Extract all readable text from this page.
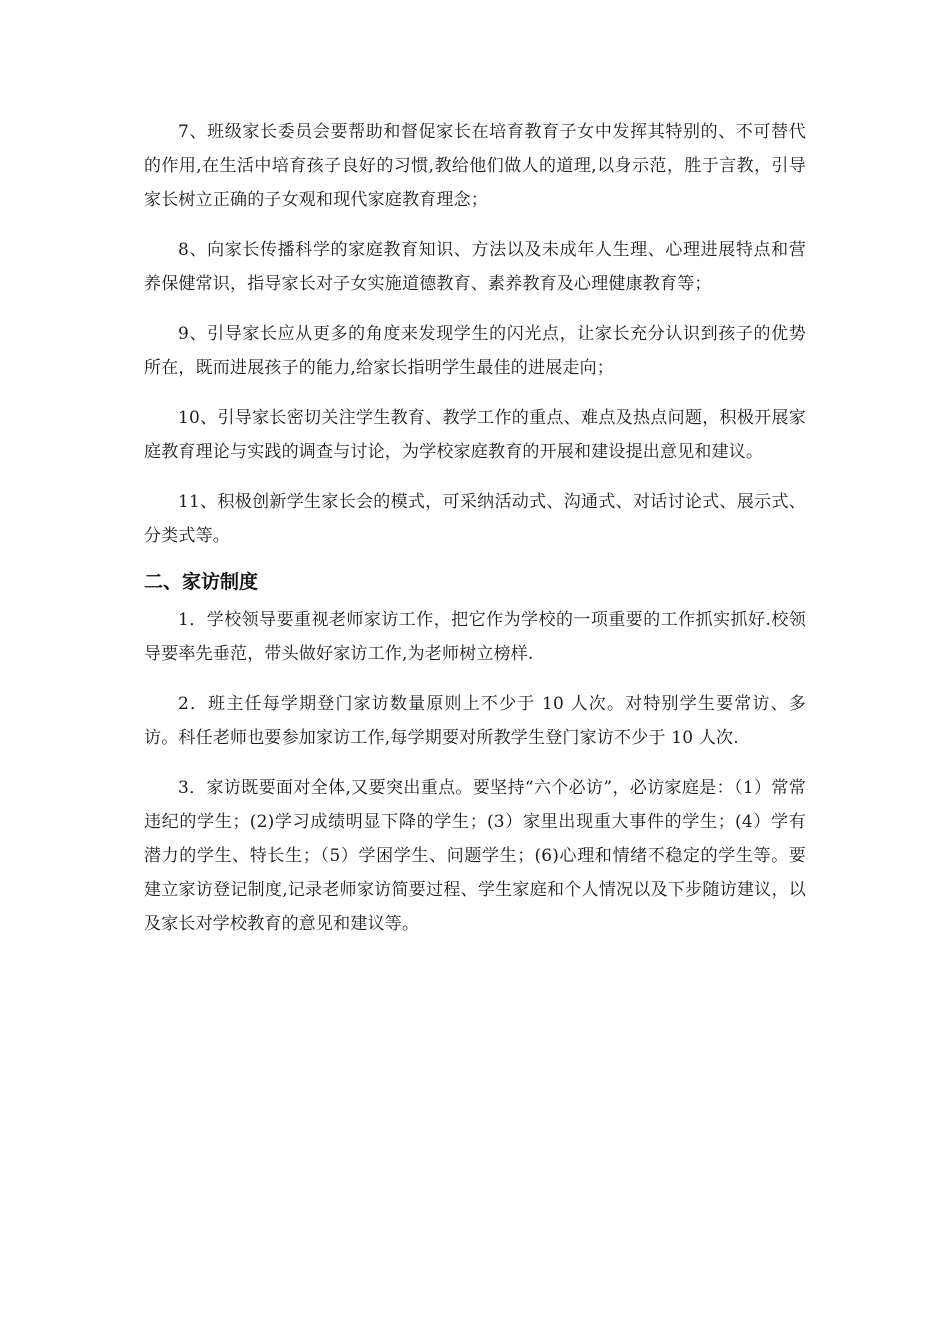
7、班级家长委员会要帮助和督促家长在培育教育子女中发挥其特别的、不可替代的作用,在生活中培育孩子良好的习惯,教给他们做人的道理,以身示范，胜于言教，引导家长树立正确的子女观和现代家庭教育理念；

8、向家长传播科学的家庭教育知识、方法以及未成年人生理、心理进展特点和营养保健常识，指导家长对子女实施道德教育、素养教育及心理健康教育等；

9、引导家长应从更多的角度来发现学生的闪光点，让家长充分认识到孩子的优势所在，既而进展孩子的能力,给家长指明学生最佳的进展走向；

10、引导家长密切关注学生教育、教学工作的重点、难点及热点问题，积极开展家庭教育理论与实践的调查与讨论，为学校家庭教育的开展和建设提出意见和建议。

11、积极创新学生家长会的模式，可采纳活动式、沟通式、对话讨论式、展示式、分类式等。

二、家访制度

1．学校领导要重视老师家访工作，把它作为学校的一项重要的工作抓实抓好.校领导要率先垂范，带头做好家访工作,为老师树立榜样.

2．班主任每学期登门家访数量原则上不少于 10 人次。对特别学生要常访、多访。科任老师也要参加家访工作,每学期要对所教学生登门家访不少于 10 人次.

3．家访既要面对全体,又要突出重点。要坚持“六个必访”，必访家庭是：（1）常常违纪的学生；(2)学习成绩明显下降的学生；(3）家里出现重大事件的学生；(4）学有潜力的学生、特长生；（5）学困学生、问题学生；(6)心理和情绪不稳定的学生等。要建立家访登记制度,记录老师家访简要过程、学生家庭和个人情况以及下步随访建议，以及家长对学校教育的意见和建议等。
